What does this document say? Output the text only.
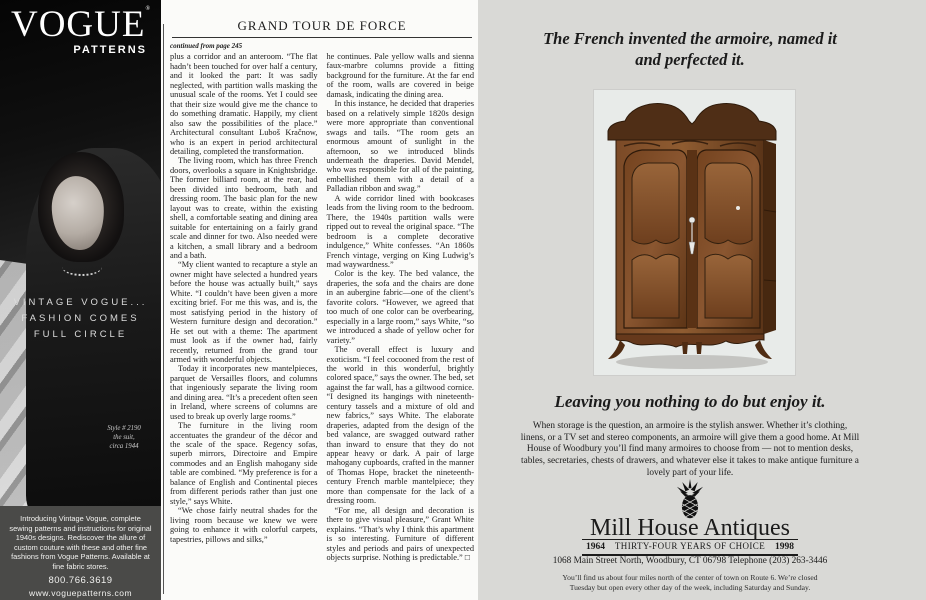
VOGUE®
PATTERNS
VINTAGE VOGUE...
FASHION COMES
FULL CIRCLE
Style # 2190
the suit,
circa 1944

Introducing Vintage Vogue, complete sewing patterns and instructions for original 1940s designs. Rediscover the allure of custom couture with these and other fine fashions from Vogue Patterns. Available at fine fabric stores.

800.766.3619
www.voguepatterns.com
GRAND TOUR DE FORCE
continued from page 245

plus a corridor and an anteroom. “The flat hadn’t been touched for over half a century, and it looked the part: It was sadly neglected, with partition walls masking the unusual scale of the rooms. Yet I could see that their size would give me the chance to do something dramatic. Happily, my client also saw the possibilities of the place.” Architectural consultant Luboš Kračnow, who is an expert in period architectural detailing, completed the transformation.

The living room, which has three French doors, overlooks a square in Knightsbridge. The former billiard room, at the rear, had been divided into bedroom, bath and dressing room. The basic plan for the new layout was to create, within the existing shell, a comfortable seating and dining area suitable for entertaining on a fairly grand scale and dinner for two. Also needed were a kitchen, a small library and a bedroom and a bath.

“My client wanted to recapture a style an owner might have selected a hundred years before the house was actually built,” says White. “I couldn’t have been given a more exciting brief. For me this was, and is, the most satisfying period in the history of Western furniture design and decoration.” He set out with a theme: The apartment must look as if the owner had, fairly recently, returned from the grand tour armed with wonderful objects.

Today it incorporates new mantelpieces, parquet de Versailles floors, and columns that ingeniously separate the living room and dining area. “It’s a precedent often seen in Ireland, where screens of columns are used to break up overly large rooms.”

The furniture in the living room accentuates the grandeur of the décor and the scale of the space. Regency sofas, superb mirrors, Directoire and Empire commodes and an English mahogany side table are combined. “My preference is for a balance of English and Continental pieces from different periods rather than just one style,” says White.

“We chose fairly neutral shades for the living room because we knew we were going to enhance it with colorful carpets, tapestries, pillows and silks,”

he continues. Pale yellow walls and sienna faux-marbre columns provide a fitting background for the furniture. At the far end of the room, walls are covered in beige damask, indicating the dining area.

In this instance, he decided that draperies based on a relatively simple 1820s design were more appropriate than conventional swags and tails. “The room gets an enormous amount of sunlight in the afternoon, so we introduced blinds underneath the draperies. David Mendel, who was responsible for all of the painting, embellished them with a detail of a Palladian ribbon and swag.”

A wide corridor lined with bookcases leads from the living room to the bedroom. There, the 1940s partition walls were ripped out to reveal the original space. “The bedroom is a complete decorative indulgence,” White confesses. “An 1860s French vintage, verging on King Ludwig’s mad waywardness.”

Color is the key. The bed valance, the draperies, the sofa and the chairs are done in an aubergine fabric—one of the client’s favorite colors. “However, we agreed that too much of one color can be overbearing, especially in a large room,” says White, “so we introduced a shade of yellow ocher for variety.”

The overall effect is luxury and exoticism. “I feel cocooned from the rest of the world in this wonderful, brightly colored space,” says the owner. The bed, set against the far wall, has a giltwood cornice. “I designed its hangings with nineteenth-century tassels and a mixture of old and new fabrics,” says White. The elaborate draperies, adapted from the design of the bed valance, are swagged outward rather than inward to ensure that they do not appear heavy or dark. A pair of large mahogany cupboards, crafted in the manner of Thomas Hope, bracket the nineteenth-century French marble mantelpiece; they more than compensate for the lack of a dressing room.

“For me, all design and decoration is there to give visual pleasure,” Grant White explains. “That’s why I think this apartment is so interesting. Furniture of different styles and periods and pairs of unexpected objects surprise. Nothing is predictable.” □

The French invented the armoire, named it
and perfected it.
Leaving you nothing to do but enjoy it.
When storage is the question, an armoire is the stylish answer. Whether it’s clothing, linens, or a TV set and stereo components, an armoire will give them a good home. At Mill House of Woodbury you’ll find many armoires to choose from — not to mention desks, tables, secretaries, chests of drawers, and whatever else it takes to make antique furniture a lovely part of your life.
Mill House Antiques
1964 THIRTY-FOUR YEARS OF CHOICE 1998
1068 Main Street North, Woodbury, CT 06798 Telephone (203) 263-3446
You’ll find us about four miles north of the center of town on Route 6. We’re closed
Tuesday but open every other day of the week, including Saturday and Sunday.
